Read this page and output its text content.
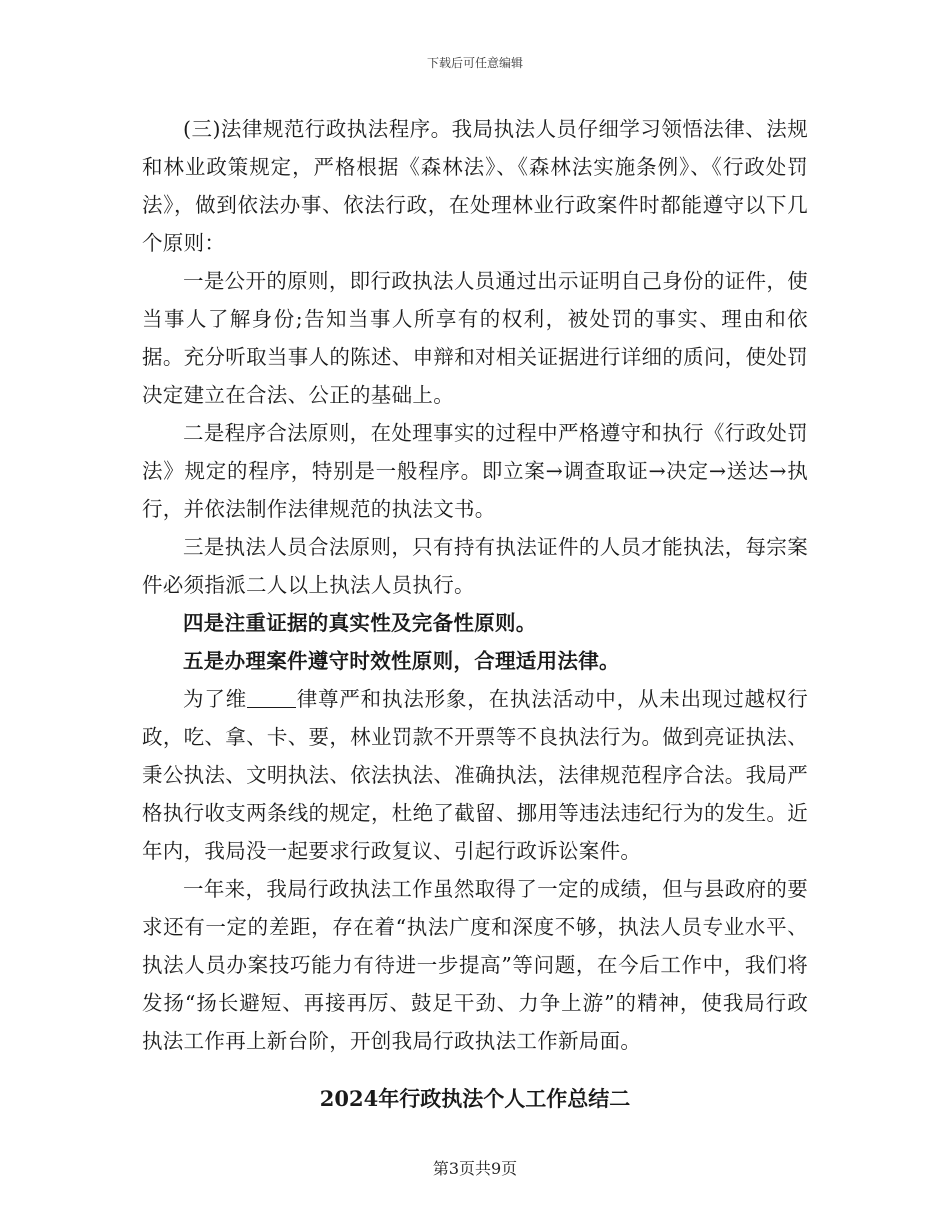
下载后可任意编辑

(三)法律规范行政执法程序。我局执法人员仔细学习领悟法律、法规和林业政策规定，严格根据《森林法》、《森林法实施条例》、《行政处罚法》，做到依法办事、依法行政，在处理林业行政案件时都能遵守以下几个原则：

一是公开的原则，即行政执法人员通过出示证明自己身份的证件，使当事人了解身份;告知当事人所享有的权利，被处罚的事实、理由和依据。充分听取当事人的陈述、申辩和对相关证据进行详细的质问，使处罚决定建立在合法、公正的基础上。

二是程序合法原则，在处理事实的过程中严格遵守和执行《行政处罚法》规定的程序，特别是一般程序。即立案→调查取证→决定→送达→执行，并依法制作法律规范的执法文书。

三是执法人员合法原则，只有持有执法证件的人员才能执法，每宗案件必须指派二人以上执法人员执行。

四是注重证据的真实性及完备性原则。

五是办理案件遵守时效性原则，合理适用法律。

为了维 律尊严和执法形象，在执法活动中，从未出现过越权行政，吃、拿、卡、要，林业罚款不开票等不良执法行为。做到亮证执法、秉公执法、文明执法、依法执法、准确执法，法律规范程序合法。我局严格执行收支两条线的规定，杜绝了截留、挪用等违法违纪行为的发生。近年内，我局没一起要求行政复议、引起行政诉讼案件。

一年来，我局行政执法工作虽然取得了一定的成绩，但与县政府的要求还有一定的差距，存在着“执法广度和深度不够，执法人员专业水平、执法人员办案技巧能力有待进一步提高”等问题，在今后工作中，我们将发扬“扬长避短、再接再厉、鼓足干劲、力争上游”的精神，使我局行政执法工作再上新台阶，开创我局行政执法工作新局面。

2024年行政执法个人工作总结二
第3页共9页
